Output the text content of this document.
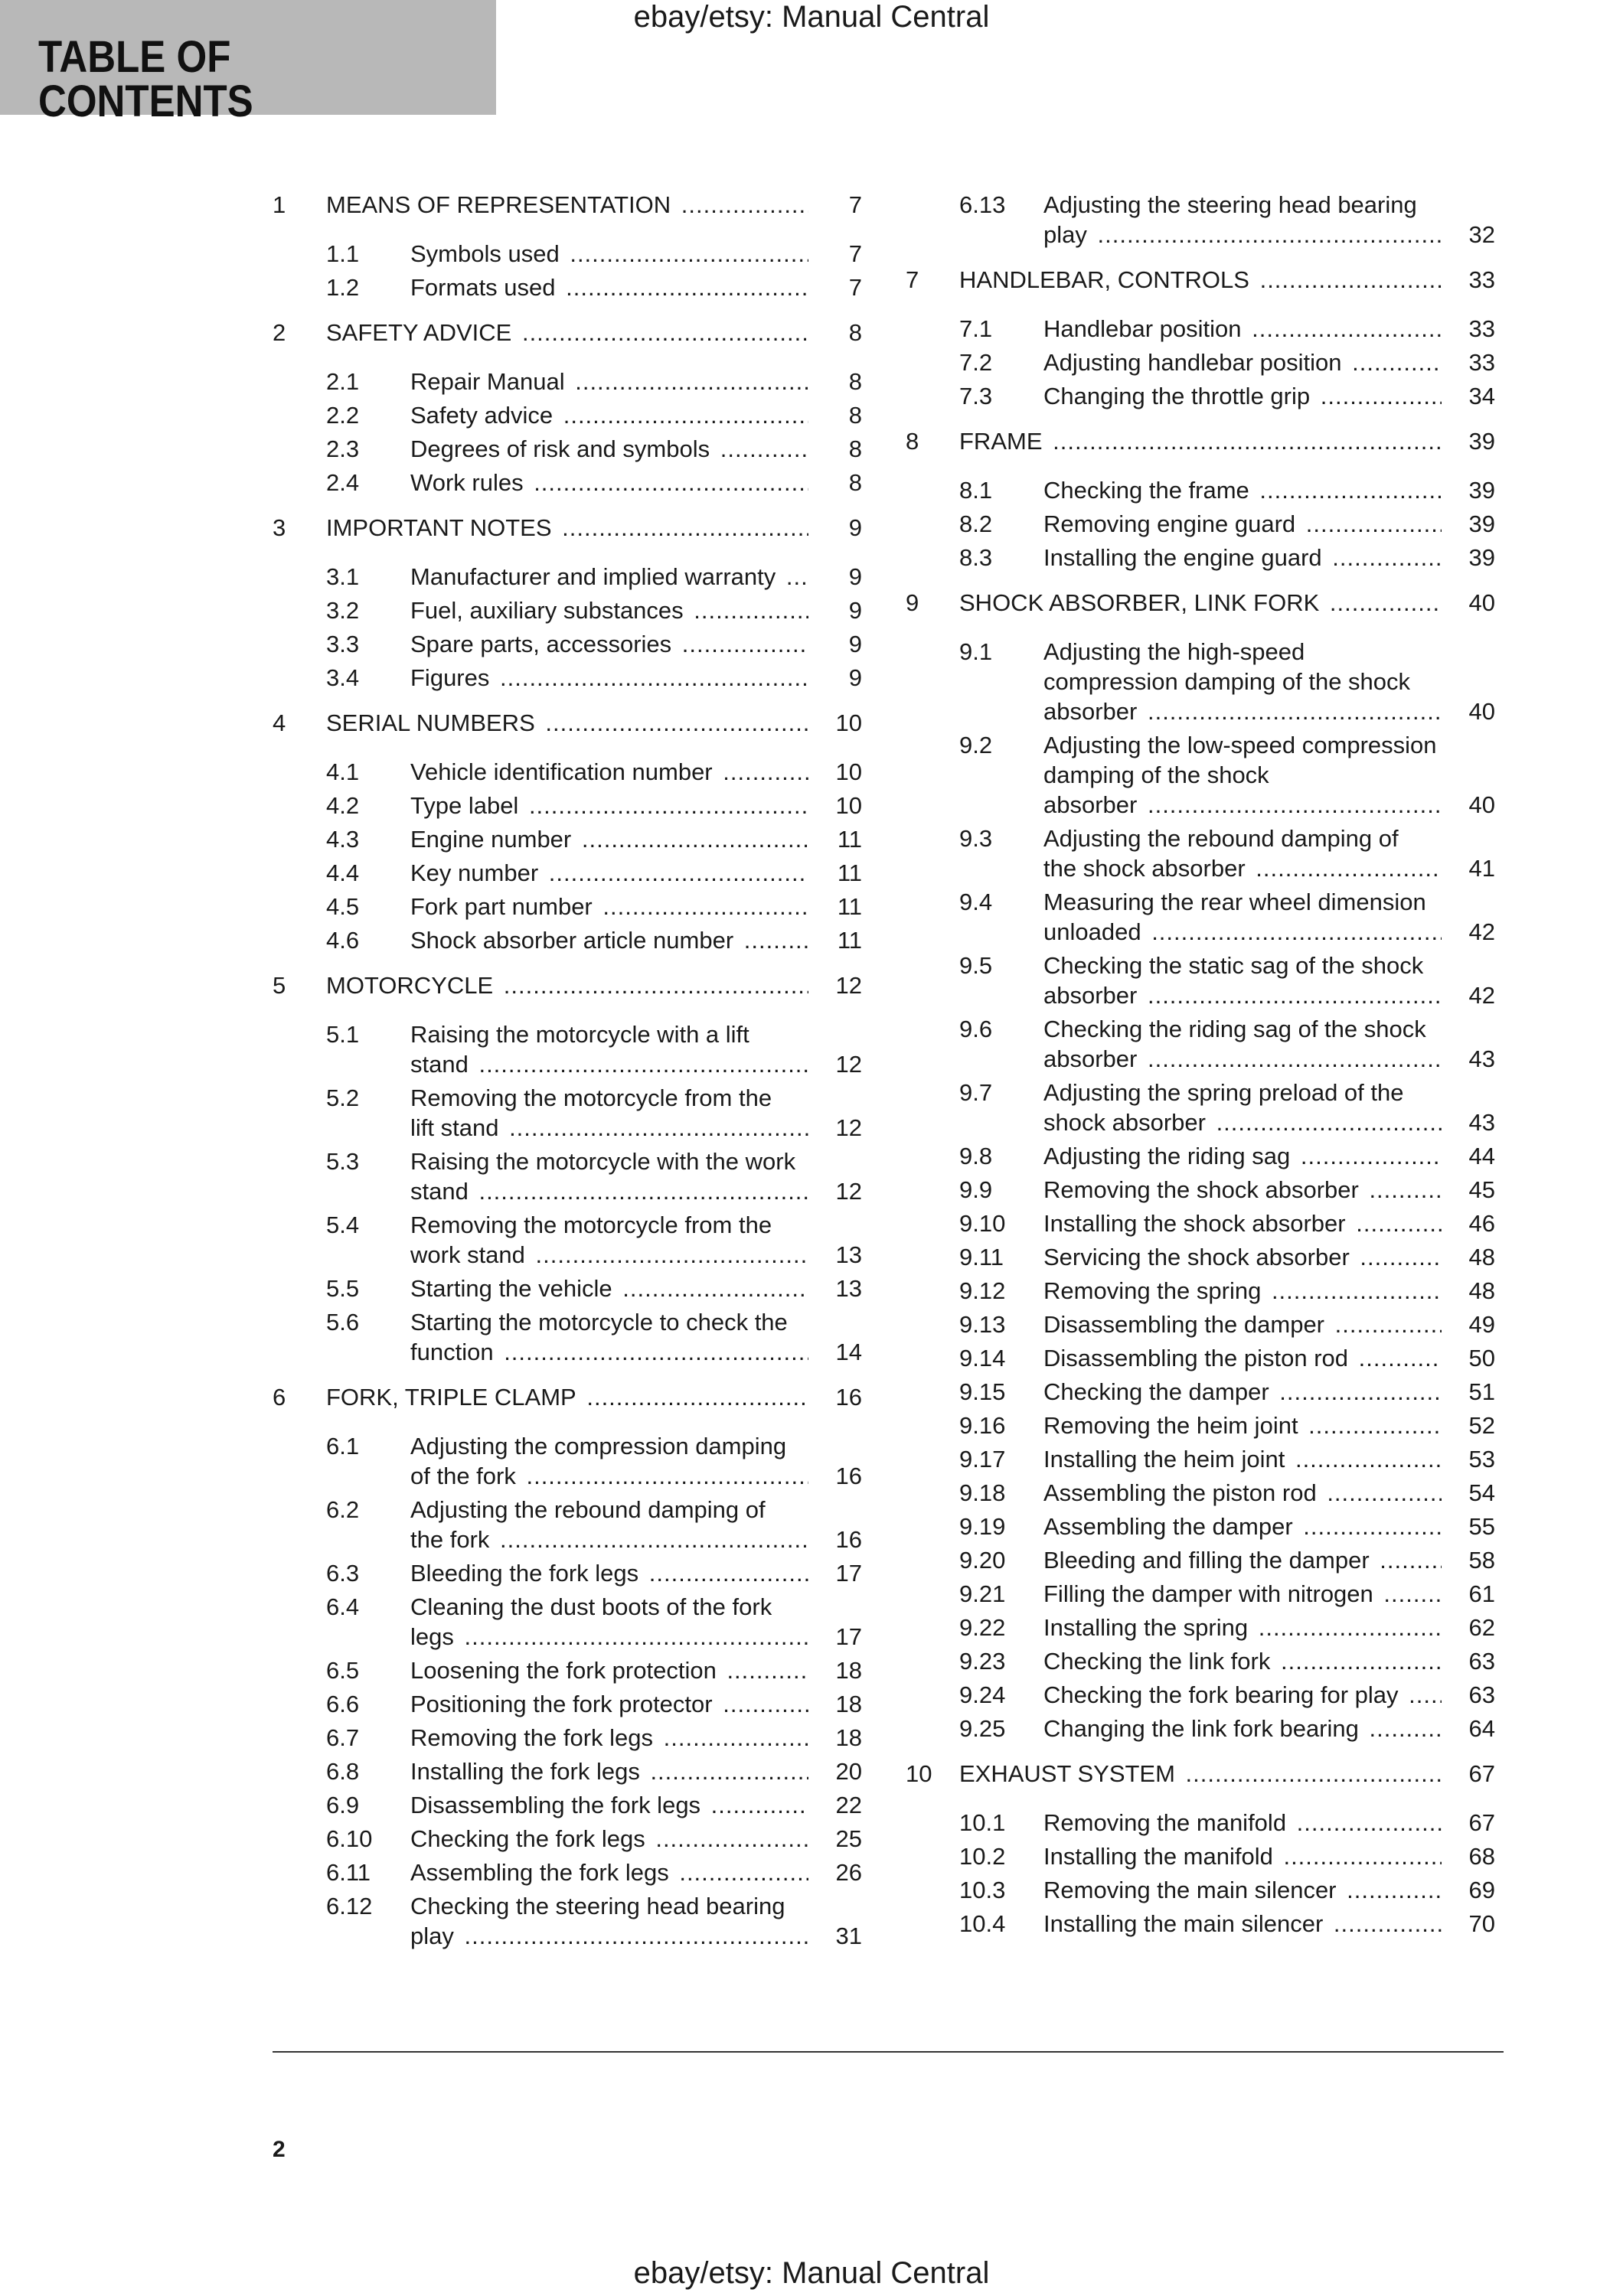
ebay/etsy: Manual Central
TABLE OF CONTENTS
1 MEANS OF REPRESENTATION .....	7
1.1 Symbols used .....	7
1.2 Formats used .....	7
2 SAFETY ADVICE .....	8
2.1 Repair Manual .....	8
2.2 Safety advice .....	8
2.3 Degrees of risk and symbols .....	8
2.4 Work rules .....	8
3 IMPORTANT NOTES .....	9
3.1 Manufacturer and implied warranty .....	9
3.2 Fuel, auxiliary substances .....	9
3.3 Spare parts, accessories .....	9
3.4 Figures .....	9
4 SERIAL NUMBERS .....	10
4.1 Vehicle identification number .....	10
4.2 Type label .....	10
4.3 Engine number .....	11
4.4 Key number .....	11
4.5 Fork part number .....	11
4.6 Shock absorber article number .....	11
5 MOTORCYCLE .....	12
5.1 Raising the motorcycle with a lift
stand .....	12
5.2 Removing the motorcycle from the
lift stand .....	12
5.3 Raising the motorcycle with the work
stand .....	12
5.4 Removing the motorcycle from the
work stand .....	13
5.5 Starting the vehicle .....	13
5.6 Starting the motorcycle to check the
function .....	14
6 FORK, TRIPLE CLAMP .....	16
6.1 Adjusting the compression damping
of the fork .....	16
6.2 Adjusting the rebound damping of
the fork .....	16
6.3 Bleeding the fork legs .....	17
6.4 Cleaning the dust boots of the fork
legs .....	17
6.5 Loosening the fork protection .....	18
6.6 Positioning the fork protector .....	18
6.7 Removing the fork legs .....	18
6.8 Installing the fork legs .....	20
6.9 Disassembling the fork legs .....	22
6.10 Checking the fork legs .....	25
6.11 Assembling the fork legs .....	26
6.12 Checking the steering head bearing
play .....	31
6.13 Adjusting the steering head bearing
play .....	32
7 HANDLEBAR, CONTROLS .....	33
7.1 Handlebar position .....	33
7.2 Adjusting handlebar position .....	33
7.3 Changing the throttle grip .....	34
8 FRAME .....	39
8.1 Checking the frame .....	39
8.2 Removing engine guard .....	39
8.3 Installing the engine guard .....	39
9 SHOCK ABSORBER, LINK FORK .....	40
9.1 Adjusting the high-speed compression damping of the shock
absorber .....	40
9.2 Adjusting the low-speed compression damping of the shock
absorber .....	40
9.3 Adjusting the rebound damping of
the shock absorber .....	41
9.4 Measuring the rear wheel dimension
unloaded .....	42
9.5 Checking the static sag of the shock
absorber .....	42
9.6 Checking the riding sag of the shock
absorber .....	43
9.7 Adjusting the spring preload of the
shock absorber .....	43
9.8 Adjusting the riding sag .....	44
9.9 Removing the shock absorber .....	45
9.10 Installing the shock absorber .....	46
9.11 Servicing the shock absorber .....	48
9.12 Removing the spring .....	48
9.13 Disassembling the damper .....	49
9.14 Disassembling the piston rod .....	50
9.15 Checking the damper .....	51
9.16 Removing the heim joint .....	52
9.17 Installing the heim joint .....	53
9.18 Assembling the piston rod .....	54
9.19 Assembling the damper .....	55
9.20 Bleeding and filling the damper .....	58
9.21 Filling the damper with nitrogen .....	61
9.22 Installing the spring .....	62
9.23 Checking the link fork .....	63
9.24 Checking the fork bearing for play .....	63
9.25 Changing the link fork bearing .....	64
10 EXHAUST SYSTEM .....	67
10.1 Removing the manifold .....	67
10.2 Installing the manifold .....	68
10.3 Removing the main silencer .....	69
10.4 Installing the main silencer .....	70
2
ebay/etsy: Manual Central
